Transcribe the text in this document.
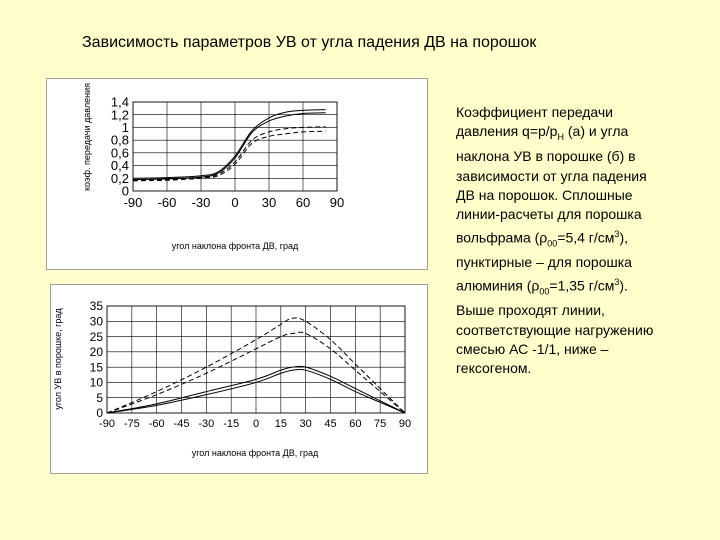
Зависимость параметров УВ от угла падения ДВ на порошок
0
0,2
0,4
0,6
0,8
1
1,2
1,4
-90 -60 -30 0 30 60 90
угол наклона фронта ДВ, град
коэф. передачи давления
0
5
10
15
20
25
30
35
-90 -75 -60 -45 -30 -15 0 15 30 45 60 75 90
угол наклона фронта ДВ, град
угол УВ в порошке, град
Коэффициент передачи давления $q=p/p_Н$ (а) и угла наклона УВ в порошке (б) в зависимости от угла падения ДВ на порошок. Сплошные линии-расчеты для порошка вольфрама ($\rho_{00}=5,4$ $г/см^3$), пунктирные – для порошка алюминия ($\rho_{00}=1,35$ $г/см^3$). Выше проходят линии, соответствующие нагружению смесью АС -1/1, ниже – гексогеном.
